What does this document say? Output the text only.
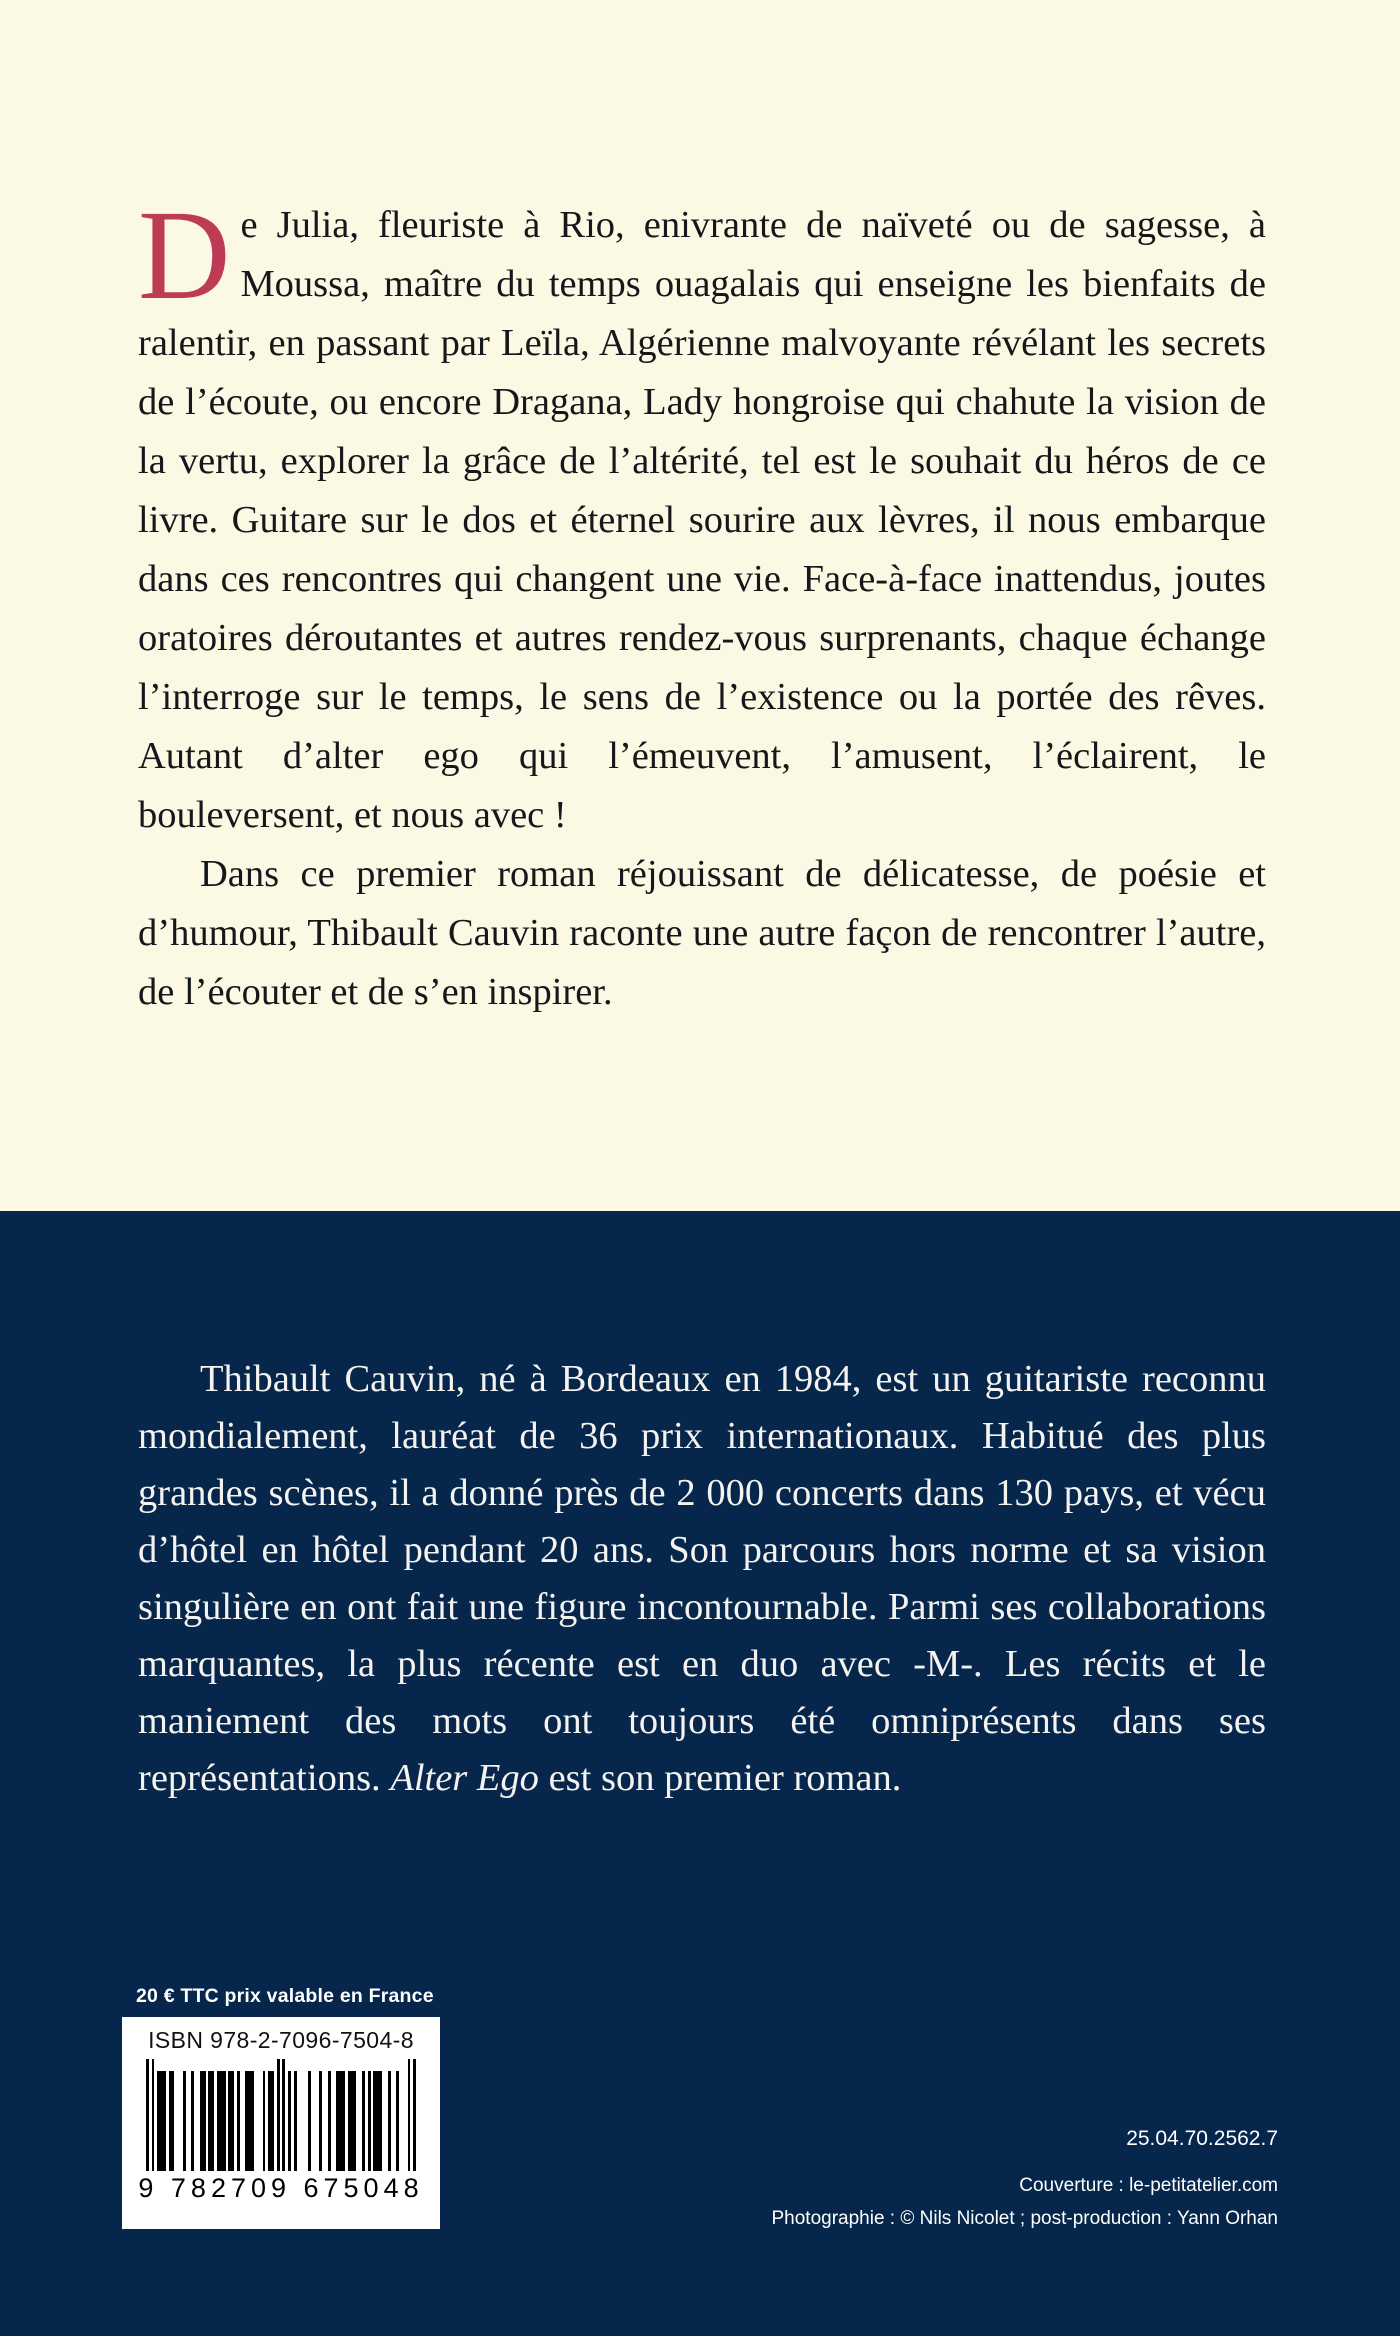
De Julia, fleuriste à Rio, enivrante de naïveté ou de sagesse, à Moussa, maître du temps ouagalais qui enseigne les bienfaits de ralentir, en passant par Leïla, Algérienne malvoyante révélant les secrets de l’écoute, ou encore Dragana, Lady hongroise qui chahute la vision de la vertu, explorer la grâce de l’altérité, tel est le souhait du héros de ce livre. Guitare sur le dos et éternel sourire aux lèvres, il nous embarque dans ces rencontres qui changent une vie. Face-à-face inattendus, joutes oratoires déroutantes et autres rendez-vous surprenants, chaque échange l’interroge sur le temps, le sens de l’existence ou la portée des rêves. Autant d’alter ego qui l’émeuvent, l’amusent, l’éclairent, le bouleversent, et nous avec !

Dans ce premier roman réjouissant de délicatesse, de poésie et d’humour, Thibault Cauvin raconte une autre façon de rencontrer l’autre, de l’écouter et de s’en inspirer.

Thibault Cauvin, né à Bordeaux en 1984, est un guitariste reconnu mondialement, lauréat de 36 prix internationaux. Habitué des plus grandes scènes, il a donné près de 2 000 concerts dans 130 pays, et vécu d’hôtel en hôtel pendant 20 ans. Son parcours hors norme et sa vision singulière en ont fait une figure incontournable. Parmi ses collaborations marquantes, la plus récente est en duo avec -M-. Les récits et le maniement des mots ont toujours été omniprésents dans ses représentations. Alter Ego est son premier roman.

20 € TTC prix valable en France
ISBN 978-2-7096-7504-8
9 782709 675048
25.04.70.2562.7
Couverture : le-petitatelier.com
Photographie : © Nils Nicolet ; post-production : Yann Orhan
